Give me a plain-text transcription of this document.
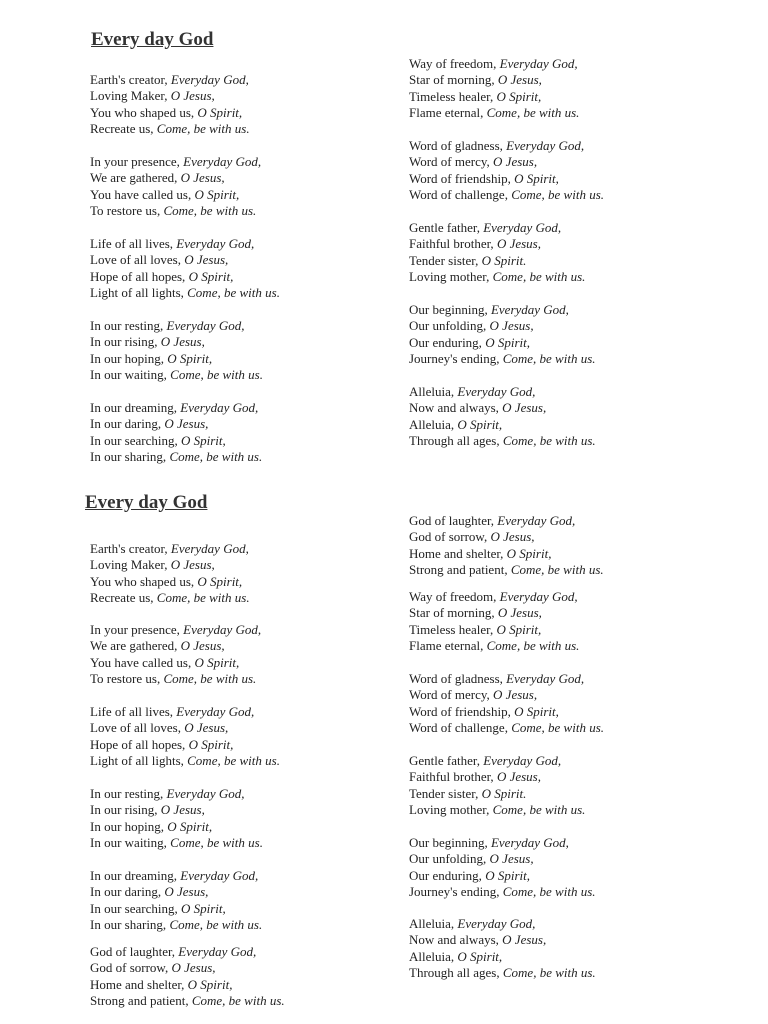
Every day God
Every day God
Earth's creator, Everyday God,
Loving Maker, O Jesus,
You who shaped us, O Spirit,
Recreate us, Come, be with us.
In your presence, Everyday God,
We are gathered, O Jesus,
You have called us, O Spirit,
To restore us, Come, be with us.
Life of all lives, Everyday God,
Love of all loves, O Jesus,
Hope of all hopes, O Spirit,
Light of all lights, Come, be with us.
In our resting, Everyday God,
In our rising, O Jesus,
In our hoping, O Spirit,
In our waiting, Come, be with us.
In our dreaming, Everyday God,
In our daring, O Jesus,
In our searching, O Spirit,
In our sharing, Come, be with us.
Way of freedom, Everyday God,
Star of morning, O Jesus,
Timeless healer, O Spirit,
Flame eternal, Come, be with us.
Word of gladness, Everyday God,
Word of mercy, O Jesus,
Word of friendship, O Spirit,
Word of challenge, Come, be with us.
Gentle father, Everyday God,
Faithful brother, O Jesus,
Tender sister, O Spirit.
Loving mother, Come, be with us.
Our beginning, Everyday God,
Our unfolding, O Jesus,
Our enduring, O Spirit,
Journey's ending, Come, be with us.
Alleluia, Everyday God,
Now and always, O Jesus,
Alleluia, O Spirit,
Through all ages, Come, be with us.
Earth's creator, Everyday God,
Loving Maker, O Jesus,
You who shaped us, O Spirit,
Recreate us, Come, be with us.
In your presence, Everyday God,
We are gathered, O Jesus,
You have called us, O Spirit,
To restore us, Come, be with us.
Life of all lives, Everyday God,
Love of all loves, O Jesus,
Hope of all hopes, O Spirit,
Light of all lights, Come, be with us.
In our resting, Everyday God,
In our rising, O Jesus,
In our hoping, O Spirit,
In our waiting, Come, be with us.
In our dreaming, Everyday God,
In our daring, O Jesus,
In our searching, O Spirit,
In our sharing, Come, be with us.
God of laughter, Everyday God,
God of sorrow, O Jesus,
Home and shelter, O Spirit,
Strong and patient, Come, be with us.
God of laughter, Everyday God,
God of sorrow, O Jesus,
Home and shelter, O Spirit,
Strong and patient, Come, be with us.
Way of freedom, Everyday God,
Star of morning, O Jesus,
Timeless healer, O Spirit,
Flame eternal, Come, be with us.
Word of gladness, Everyday God,
Word of mercy, O Jesus,
Word of friendship, O Spirit,
Word of challenge, Come, be with us.
Gentle father, Everyday God,
Faithful brother, O Jesus,
Tender sister, O Spirit.
Loving mother, Come, be with us.
Our beginning, Everyday God,
Our unfolding, O Jesus,
Our enduring, O Spirit,
Journey's ending, Come, be with us.
Alleluia, Everyday God,
Now and always, O Jesus,
Alleluia, O Spirit,
Through all ages, Come, be with us.
